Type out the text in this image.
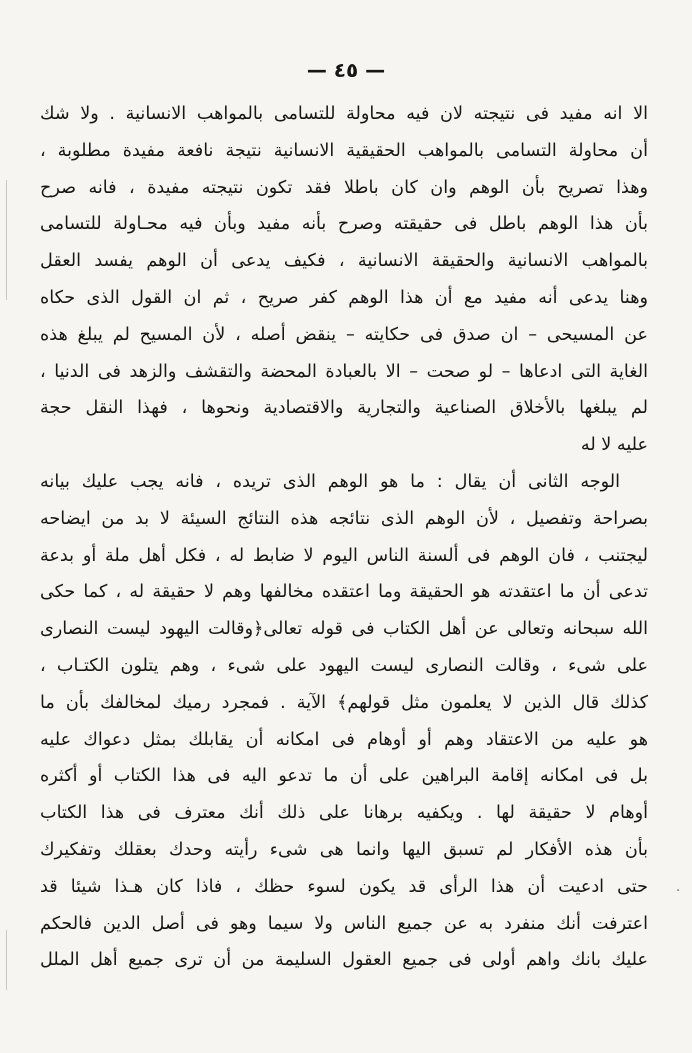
— ٤٥ —
الا انه مفيد فى نتيجته لان فيه محاولة للتسامى بالمواهب الانسانية . ولا شك
أن محاولة التسامى بالمواهب الحقيقية الانسانية نتيجة نافعة مفيدة مطلوبة ،
وهذا تصريح بأن الوهم وان كان باطلا فقد تكون نتيجته مفيدة ، فانه صرح
بأن هذا الوهم باطل فى حقيقته وصرح بأنه مفيد وبأن فيه محـاولة للتسامى
بالمواهب الانسانية والحقيقة الانسانية ، فكيف يدعى أن الوهم يفسد العقل
وهنا يدعى أنه مفيد مع أن هذا الوهم كفر صريح ، ثم ان القول الذى حكاه
عن المسيحى – ان صدق فى حكايته – ينقض أصله ، لأن المسيح لم يبلغ هذه
الغاية التى ادعاها – لو صحت – الا بالعبادة المحضة والتقشف والزهد فى الدنيا ،
لم يبلغها بالأخلاق الصناعية والتجارية والاقتصادية ونحوها ، فهذا النقل حجة
عليه لا له
الوجه الثانى أن يقال : ما هو الوهم الذى تريده ، فانه يجب عليك بيانه
بصراحة وتفصيل ، لأن الوهم الذى نتائجه هذه النتائج السيئة لا بد من ايضاحه
ليجتنب ، فان الوهم فى ألسنة الناس اليوم لا ضابط له ، فكل أهل ملة أو بدعة
تدعى أن ما اعتقدته هو الحقيقة وما اعتقده مخالفها وهم لا حقيقة له ، كما حكى
الله سبحانه وتعالى عن أهل الكتاب فى قوله تعالى﴿وقالت اليهود ليست النصارى
على شىء ، وقالت النصارى ليست اليهود على شىء ، وهم يتلون الكتـاب ،
كذلك قال الذين لا يعلمون مثل قولهم﴾ الآية . فمجرد رميك لمخالفك بأن ما
هو عليه من الاعتقاد وهم أو أوهام فى امكانه أن يقابلك بمثل دعواك عليه
بل فى امكانه إقامة البراهين على أن ما تدعو اليه فى هذا الكتاب أو أكثره
أوهام لا حقيقة لها . ويكفيه برهانا على ذلك أنك معترف فى هذا الكتاب
بأن هذه الأفكار لم تسبق اليها وانما هى شىء رأيته وحدك بعقلك وتفكيرك
حتى ادعيت أن هذا الرأى قد يكون لسوء حظك ، فاذا كان هـذا شيئا قد
اعترفت أنك منفرد به عن جميع الناس ولا سيما وهو فى أصل الدين فالحكم
عليك بانك واهم أولى فى جميع العقول السليمة من أن ترى جميع أهل الملل
·
